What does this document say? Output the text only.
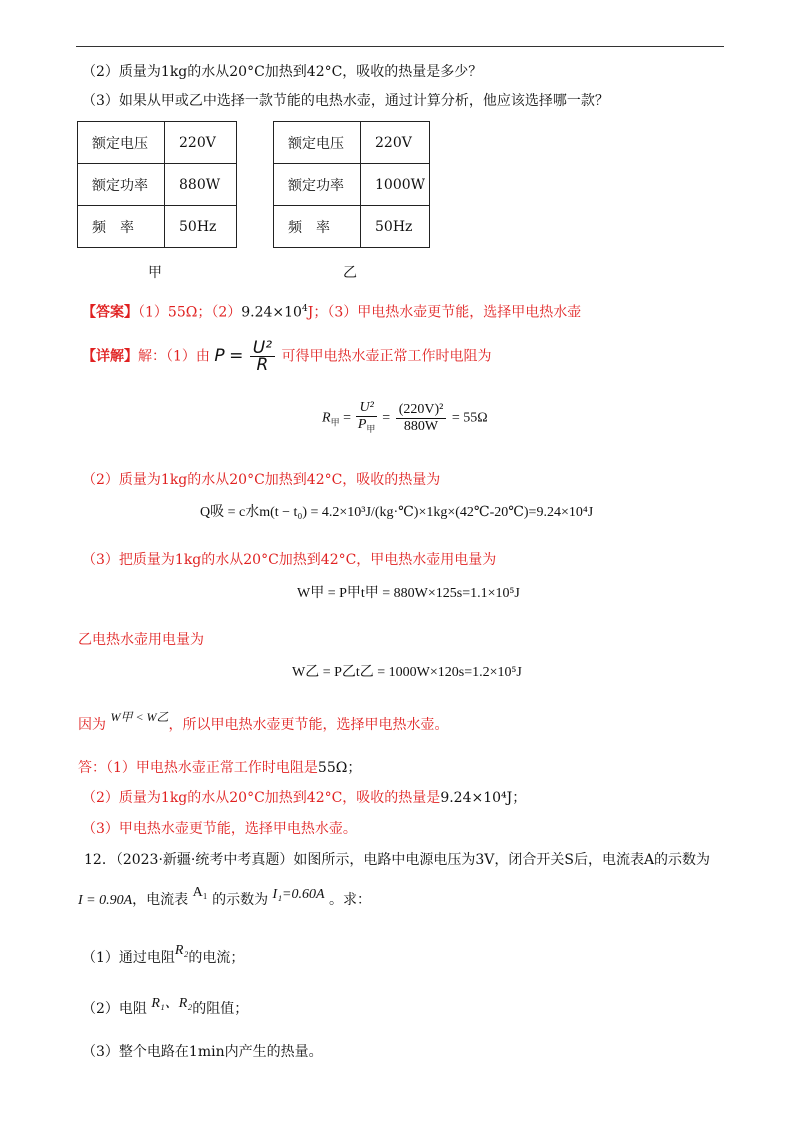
（2）质量为1kg的水从20°C加热到42°C，吸收的热量是多少？
（3）如果从甲或乙中选择一款节能的电热水壶，通过计算分析，他应该选择哪一款？
额定电压	220V
额定功率	880W
频　率	50Hz
甲
额定电压	220V
额定功率	1000W
频　率	50Hz
乙
【答案】（1）55Ω；$(2)9.24\times 10^4J$；（3）甲电热水壶更节能，选择甲电热水壶
【详解】解：（1）由 $P = \frac{\text{U²}}{R}$ 可得甲电热水壶正常工作时电阻为
$R_甲 = \frac{\text{U²}}{P_甲} = \frac{\text{(220V)²}}{880W} = 55\Omega$
（2）质量为1kg的水从20°C加热到42°C，吸收的热量为
Q吸 = c水m(t − t₀) = 4.2×10³J/(kg·℃)×1kg×(42℃-20℃)=9.24×10⁴J
（3）把质量为1kg的水从20°C加热到42°C，甲电热水壶用电量为
W甲 = P甲t甲 = 880W×125s=1.1×10⁵J
乙电热水壶用电量为
W乙 = P乙t乙 = 1000W×120s=1.2×10⁵J
因为 W甲 < W乙，所以甲电热水壶更节能，选择甲电热水壶。
答：（1）甲电热水壶正常工作时电阻是55Ω；
（2）质量为1kg的水从20°C加热到42°C，吸收的热量是9.24×10⁴J；
（3）甲电热水壶更节能，选择甲电热水壶。
12．（2023·新疆·统考中考真题）如图所示，电路中电源电压为3V，闭合开关S后，电流表A的示数为
I = 0.90A，电流表 A₁ 的示数为 I₁=0.60A 。求：
（1）通过电阻R₂的电流；
（2）电阻 R₁、R₂的阻值；
（3）整个电路在1min内产生的热量。
